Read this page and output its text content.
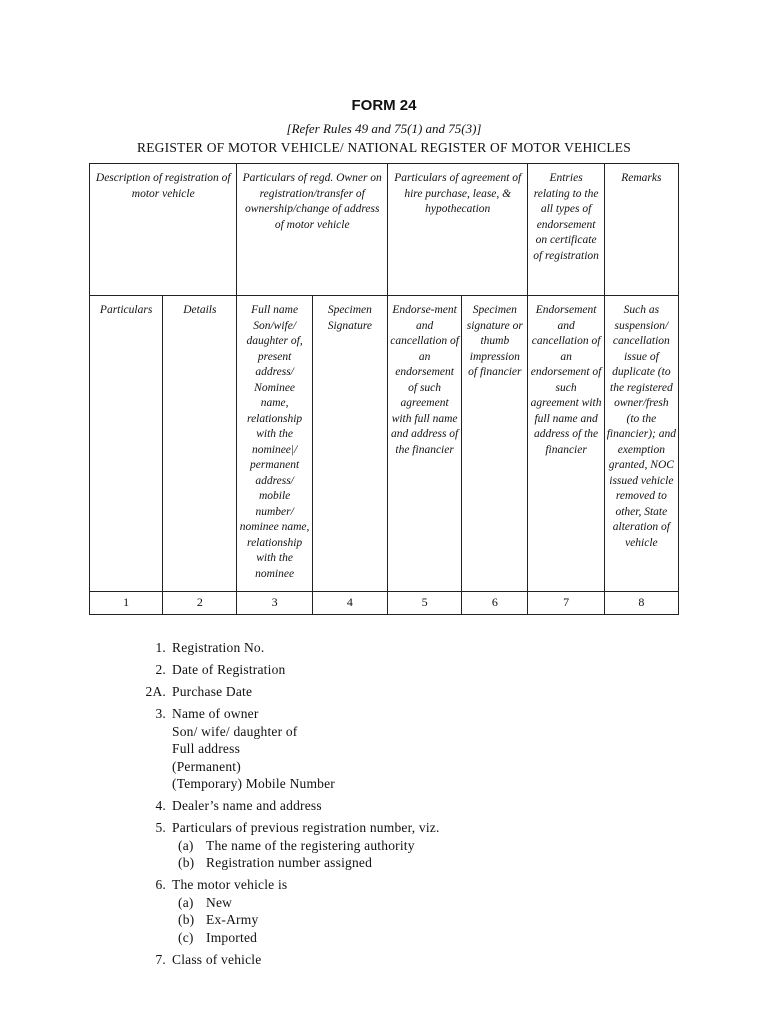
FORM 24
[Refer Rules 49 and 75(1) and 75(3)]
REGISTER OF MOTOR VEHICLE/ NATIONAL REGISTER OF MOTOR VEHICLES
Description of registration of motor vehicle		Particulars of regd. Owner on registration/transfer of ownership/change of address of motor vehicle		Particulars of agreement of hire purchase, lease, & hypothecation		Entries relating to the all types of endorsement on certificate of registration	Remarks
Particulars	Details	Full name Son/wife/ daughter of, present address/ Nominee name, relationship with the nominee|/ permanent address/ mobile number/ nominee name, relationship with the nominee	Specimen Signature	Endorse-ment and cancellation of an endorsement of such agreement with full name and address of the financier	Specimen signature or thumb impression of financier	Endorsement and cancellation of an endorsement of such agreement with full name and address of the financier	Such as suspension/ cancellation issue of duplicate (to the registered owner/fresh (to the financier); and exemption granted, NOC issued vehicle removed to other, State alteration of vehicle
1	2	3	4	5	6	7	8
1. Registration No.
2. Date of Registration
2A. Purchase Date
3. Name of owner
Son/ wife/ daughter of
Full address
(Permanent)
(Temporary) Mobile Number
4. Dealer’s name and address
5. Particulars of previous registration number, viz.
(a) The name of the registering authority
(b) Registration number assigned
6. The motor vehicle is
(a) New
(b) Ex-Army
(c) Imported
7. Class of vehicle
